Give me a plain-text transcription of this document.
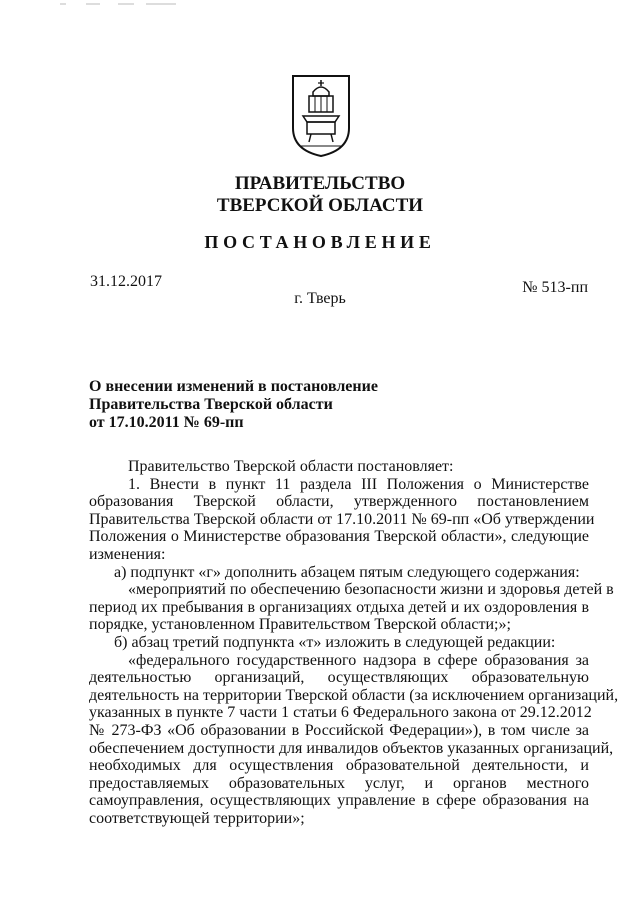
ПРАВИТЕЛЬСТВО
ТВЕРСКОЙ ОБЛАСТИ
ПОСТАНОВЛЕНИЕ
31.12.2017	№ 513-пп
г. Тверь
О внесении изменений в постановление
Правительства Тверской области
от 17.10.2011 № 69-пп
Правительство Тверской области постановляет:
1. Внести в пункт 11 раздела III Положения о Министерстве
образования Тверской области, утвержденного постановлением
Правительства Тверской области от 17.10.2011 № 69-пп «Об утверждении
Положения о Министерстве образования Тверской области», следующие
изменения:
а) подпункт «г» дополнить абзацем пятым следующего содержания:
«мероприятий по обеспечению безопасности жизни и здоровья детей в
период их пребывания в организациях отдыха детей и их оздоровления в
порядке, установленном Правительством Тверской области;»;
б) абзац третий подпункта «т» изложить в следующей редакции:
«федерального государственного надзора в сфере образования за
деятельностью организаций, осуществляющих образовательную
деятельность на территории Тверской области (за исключением организаций,
указанных в пункте 7 части 1 статьи 6 Федерального закона от 29.12.2012
№ 273-ФЗ «Об образовании в Российской Федерации»), в том числе за
обеспечением доступности для инвалидов объектов указанных организаций,
необходимых для осуществления образовательной деятельности, и
предоставляемых образовательных услуг, и органов местного
самоуправления, осуществляющих управление в сфере образования на
соответствующей территории»;
